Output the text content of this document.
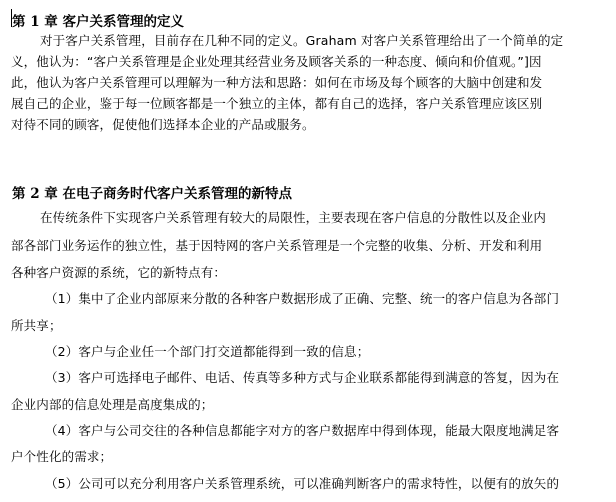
第 1 章 客户关系管理的定义
对于客户关系管理，目前存在几种不同的定义。Graham 对客户关系管理给出了一个简单的定
义，他认为：“客户关系管理是企业处理其经营业务及顾客关系的一种态度、倾向和价值观。”]因
此，他认为客户关系管理可以理解为一种方法和思路：如何在市场及每个顾客的大脑中创建和发
展自己的企业，鉴于每一位顾客都是一个独立的主体，都有自己的选择，客户关系管理应该区别
对待不同的顾客，促使他们选择本企业的产品或服务。
第 2 章 在电子商务时代客户关系管理的新特点
在传统条件下实现客户关系管理有较大的局限性，主要表现在客户信息的分散性以及企业内
部各部门业务运作的独立性，基于因特网的客户关系管理是一个完整的收集、分析、开发和利用
各种客户资源的系统，它的新特点有：
（1）集中了企业内部原来分散的各种客户数据形成了正确、完整、统一的客户信息为各部门
所共享；
（2）客户与企业任一个部门打交道都能得到一致的信息；
（3）客户可选择电子邮件、电话、传真等多种方式与企业联系都能得到满意的答复，因为在
企业内部的信息处理是高度集成的；
（4）客户与公司交往的各种信息都能字对方的客户数据库中得到体现，能最大限度地满足客
户个性化的需求；
（5）公司可以充分利用客户关系管理系统，可以准确判断客户的需求特性，以便有的放矢的
